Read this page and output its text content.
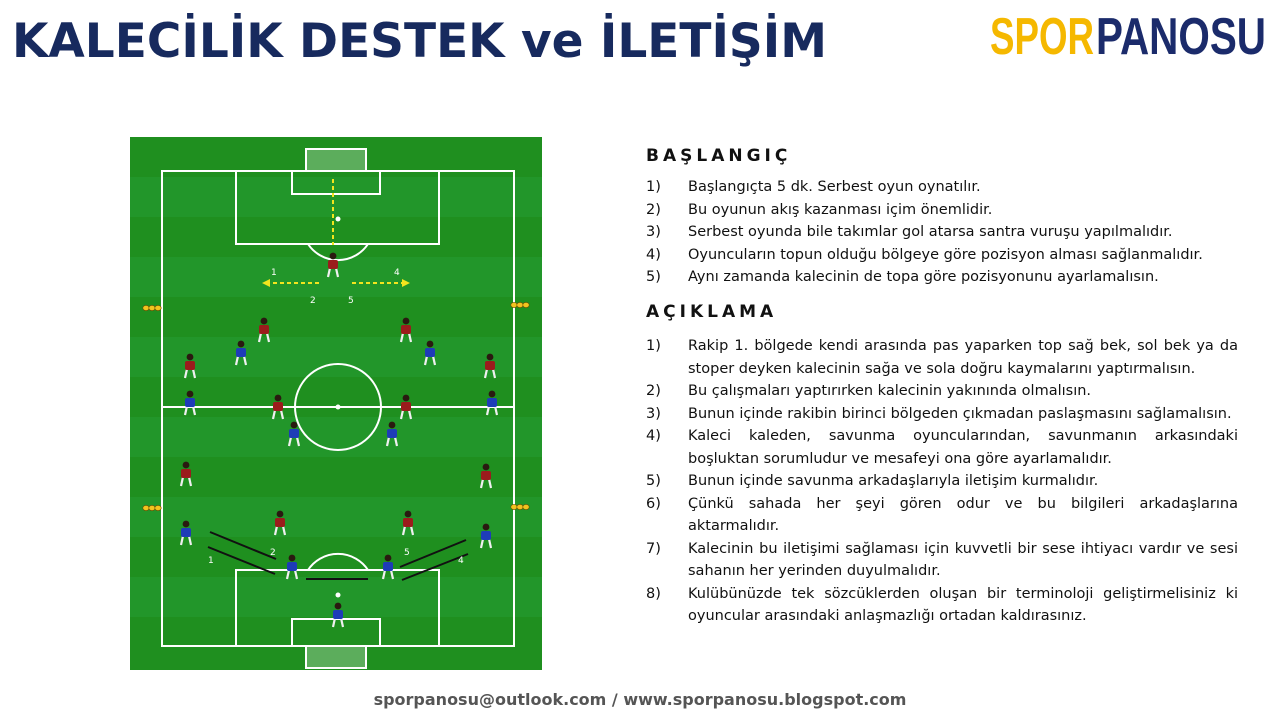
KALECİLİK DESTEK ve İLETİŞİM	SPOR PANOSU
1
2
4
5
1
2	5
4
BAŞLANGIÇ
1)	Başlangıçta 5 dk. Serbest oyun oynatılır.
2)	Bu oyunun akış kazanması içim önemlidir.
3)	Serbest oyunda bile takımlar gol atarsa santra vuruşu yapılmalıdır.
4)	Oyuncuların topun olduğu bölgeye göre pozisyon alması sağlanmalıdır.
5)	Aynı zamanda kalecinin de topa göre pozisyonunu ayarlamalısın.
AÇIKLAMA
1)	Rakip 1. bölgede kendi arasında pas yaparken top sağ bek, sol bek ya da stoper deyken kalecinin sağa ve sola doğru kaymalarını yaptırmalısın.
2)	Bu çalışmaları yaptırırken kalecinin yakınında olmalısın.
3)	Bunun içinde rakibin birinci bölgeden çıkmadan paslaşmasını sağlamalısın.
4)	Kaleci kaleden, savunma oyuncularından, savunmanın arkasındaki boşluktan sorumludur ve mesafeyi ona göre ayarlamalıdır.
5)	Bunun içinde savunma arkadaşlarıyla iletişim kurmalıdır.
6)	Çünkü sahada her şeyi gören odur ve bu bilgileri arkadaşlarına aktarmalıdır.
7)	Kalecinin bu iletişimi sağlaması için kuvvetli bir sese ihtiyacı vardır ve sesi sahanın her yerinden duyulmalıdır.
8)	Kulübünüzde tek sözcüklerden oluşan bir terminoloji geliştirmelisiniz ki oyuncular arasındaki anlaşmazlığı ortadan kaldırasınız.
sporpanosu@outlook.com / www.sporpanosu.blogspot.com
